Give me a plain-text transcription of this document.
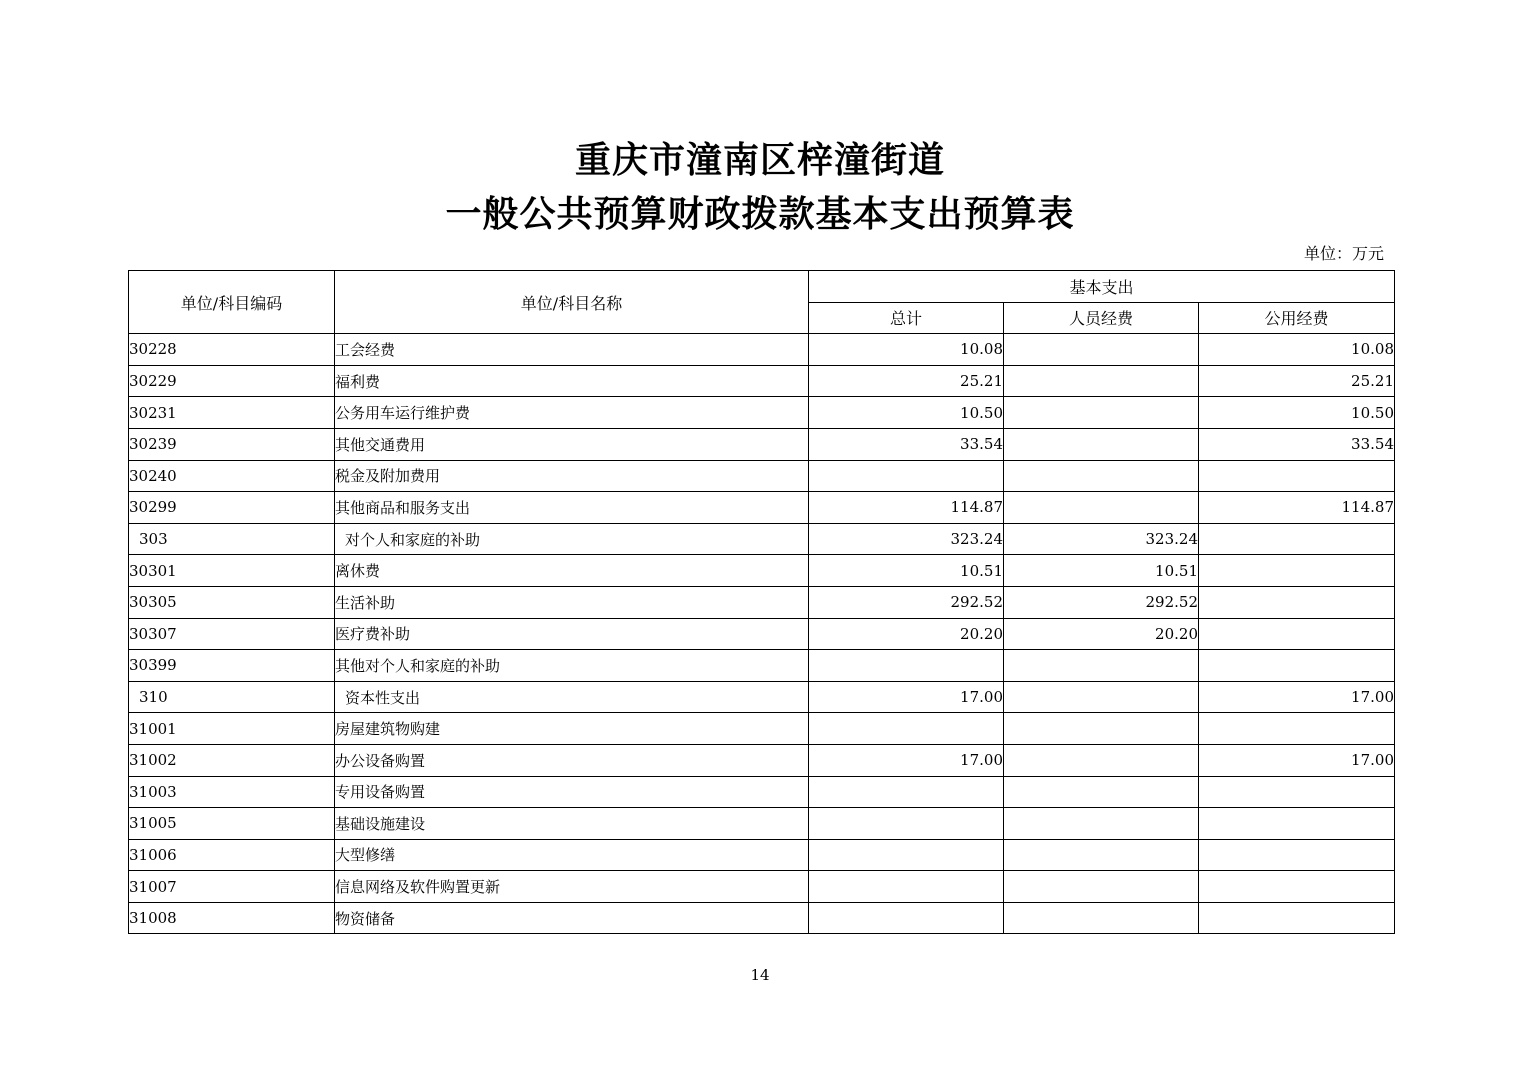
重庆市潼南区梓潼街道
一般公共预算财政拨款基本支出预算表
单位：万元
单位/科目编码	单位/科目名称	基本支出		
		总计	人员经费	公用经费
30228	工会经费	10.08		10.08
30229	福利费	25.21		25.21
30231	公务用车运行维护费	10.50		10.50
30239	其他交通费用	33.54		33.54
30240	税金及附加费用			
30299	其他商品和服务支出	114.87		114.87
303	对个人和家庭的补助	323.24	323.24	
30301	离休费	10.51	10.51	
30305	生活补助	292.52	292.52	
30307	医疗费补助	20.20	20.20	
30399	其他对个人和家庭的补助			
310	资本性支出	17.00		17.00
31001	房屋建筑物购建			
31002	办公设备购置	17.00		17.00
31003	专用设备购置			
31005	基础设施建设			
31006	大型修缮			
31007	信息网络及软件购置更新			
31008	物资储备			
14
